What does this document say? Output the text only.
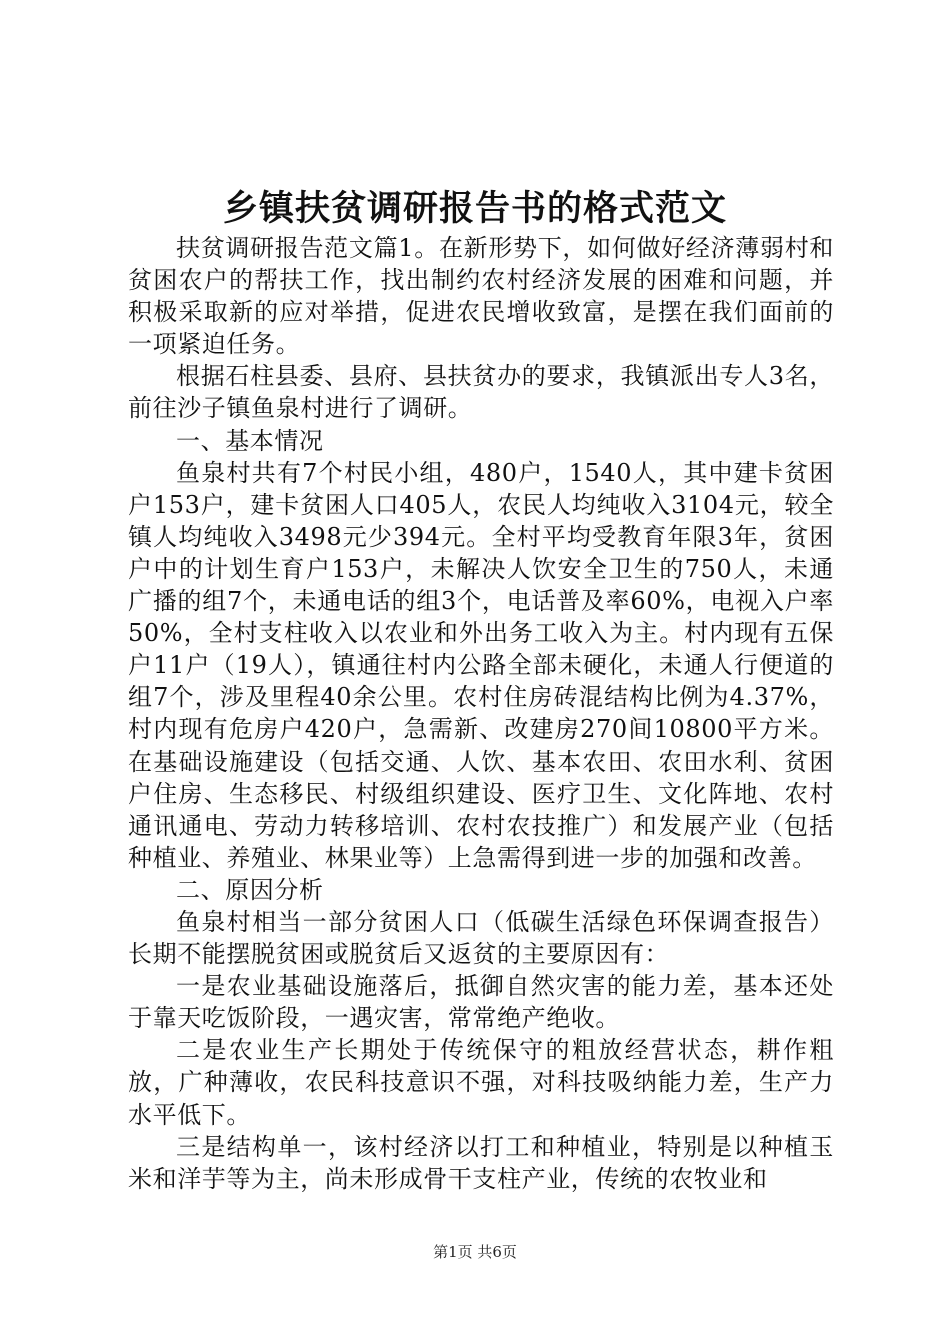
乡镇扶贫调研报告书的格式范文

扶贫调研报告范文篇1。在新形势下，如何做好经济薄弱村和贫困农户的帮扶工作，找出制约农村经济发展的困难和问题，并积极采取新的应对举措，促进农民增收致富，是摆在我们面前的一项紧迫任务。

根据石柱县委、县府、县扶贫办的要求，我镇派出专人3名，前往沙子镇鱼泉村进行了调研。

一、基本情况

鱼泉村共有7个村民小组，480户，1540人，其中建卡贫困户153户，建卡贫困人口405人，农民人均纯收入3104元，较全镇人均纯收入3498元少394元。全村平均受教育年限3年，贫困户中的计划生育户153户，未解决人饮安全卫生的750人，未通广播的组7个，未通电话的组3个，电话普及率60%，电视入户率50%，全村支柱收入以农业和外出务工收入为主。村内现有五保户11户（19人），镇通往村内公路全部未硬化，未通人行便道的组7个，涉及里程40余公里。农村住房砖混结构比例为4.37%，村内现有危房户420户，急需新、改建房270间10800平方米。在基础设施建设（包括交通、人饮、基本农田、农田水利、贫困户住房、生态移民、村级组织建设、医疗卫生、文化阵地、农村通讯通电、劳动力转移培训、农村农技推广）和发展产业（包括种植业、养殖业、林果业等）上急需得到进一步的加强和改善。

二、原因分析

鱼泉村相当一部分贫困人口（低碳生活绿色环保调查报告）长期不能摆脱贫困或脱贫后又返贫的主要原因有：

一是农业基础设施落后，抵御自然灾害的能力差，基本还处于靠天吃饭阶段，一遇灾害，常常绝产绝收。

二是农业生产长期处于传统保守的粗放经营状态，耕作粗放，广种薄收，农民科技意识不强，对科技吸纳能力差，生产力水平低下。

三是结构单一，该村经济以打工和种植业，特别是以种植玉米和洋芋等为主，尚未形成骨干支柱产业，传统的农牧业和

第1页 共6页
